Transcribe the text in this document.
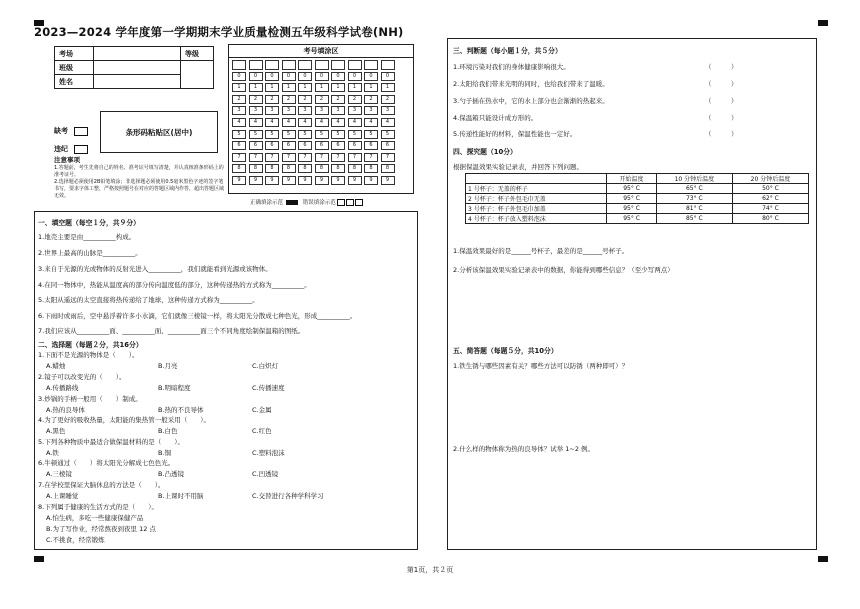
2023—2024 学年度第一学期期末学业质量检测五年级科学试卷(NH)
考场		等级
班级		
姓名		
考号填涂区
0	0	0	0	0	0	0	0	0	0
1	1	1	1	1	1	1	1	1	1
2	2	2	2	2	2	2	2	2	2
3	3	3	3	3	3	3	3	3	3
4	4	4	4	4	4	4	4	4	4
5	5	5	5	5	5	5	5	5	5
6	6	6	6	6	6	6	6	6	6
7	7	7	7	7	7	7	7	7	7
8	8	8	8	8	8	8	8	8	8
9	9	9	9	9	9	9	9	9	9
正确填涂示范	错误填涂示范
缺考
违纪
条形码粘贴区(居中)
注意事项
1.答题前，考生先将自己的姓名、准考证号填写清楚，并认真核准条形码上的准考证号。
2.选择题必须使用2B铅笔填涂；非选择题必须使用0.5毫米黑色字迹的签字笔书写，要求字体工整，严格按照题号在对应的答题区域内作答，超出答题区域无效。
一、填空题（每空１分，共９分）
1.地壳主要是由__________构成。
2.世界上最高的山脉是__________。
3.来自于光源的光或物体的反射光进入__________，我们就能看到光源或该物体。
4.在同一物体中，热能从温度高的部分传向温度低的部分，这种传递热的方式称为__________。
5.太阳从遥远的太空直接将热传递给了地球，这种传递方式称为__________。
6.下雨时或雨后，空中悬浮着许多小水滴，它们就像三棱镜一样，将太阳光分散成七种色光，形成__________。
7.我们应该从__________面、__________面、__________面三个不同角度绘制保温箱的图纸。
二、选择题（每题２分，共16分）
1.下面不是光源的物体是（　　）。
A.蜡烛	B.月亮	C.白炽灯
2.镜子可以改变光的（　　）。
A.传播路线	B.明暗程度	C.传播速度
3.炒锅的手柄一般用（　　）制成。
A.热的良导体	B.热的不良导体	C.金属
4.为了更好的吸收热量，太阳能的集热管一般采用（　　）。
A.黑色	B.白色	C.红色
5.下列各种物质中最适合做保温材料的是（　　）。
A.铁	B.铜	C.塑料泡沫
6.牛顿通过（　　）将太阳光分解成七色色光。
A.三棱镜	B.凸透镜	C.凹透镜
7.在学校里保证大脑休息的方法是（　　）。
A.上课睡觉	B.上课时不用脑	C.交替进行各种学科学习
8.下列属于健康的生活方式的是（　　）。
A.怕生病，多吃一些健康保健产品
B.为了写作业，经常熬夜到夜里 12 点
C.不挑食，经常锻炼
三、判断题（每小题１分，共５分）
1.环境污染对我们的身体健康影响很大。	（　　　）
2.太阳给我们带来光明的同时，也给我们带来了温暖。	（　　　）
3.勺子插在热水中，它的水上部分也会渐渐的热起来。	（　　　）
4.保温箱只能设计成方形的。	（　　　）
5.传递性能好的材料，保温性能也一定好。	（　　　）
四、探究题（10分）
根据保温效果实验记录表，并回答下列问题。
	开始温度	10 分钟后温度	20 分钟后温度
1 号杯子：无盖的杯子	95° C	65° C	50° C
2 号杯子：杯子外包毛巾无盖	95° C	73° C	62° C
3 号杯子：杯子外包毛巾加盖	95° C	81° C	74° C
4 号杯子：杯子放入塑料泡沫	95° C	85° C	80° C
1.保温效果最好的是______号杯子，最差的是______号杯子。
2.分析该保温效果实验记录表中的数据，你能得到哪些信息？（至少写两点）
五、简答题（每题５分，共10分）
1.铁生锈与哪些因素有关？哪些方法可以防锈（两种即可）？
2.什么样的物体称为热的良导体？试举 1~2 例。
第1页，共２页
